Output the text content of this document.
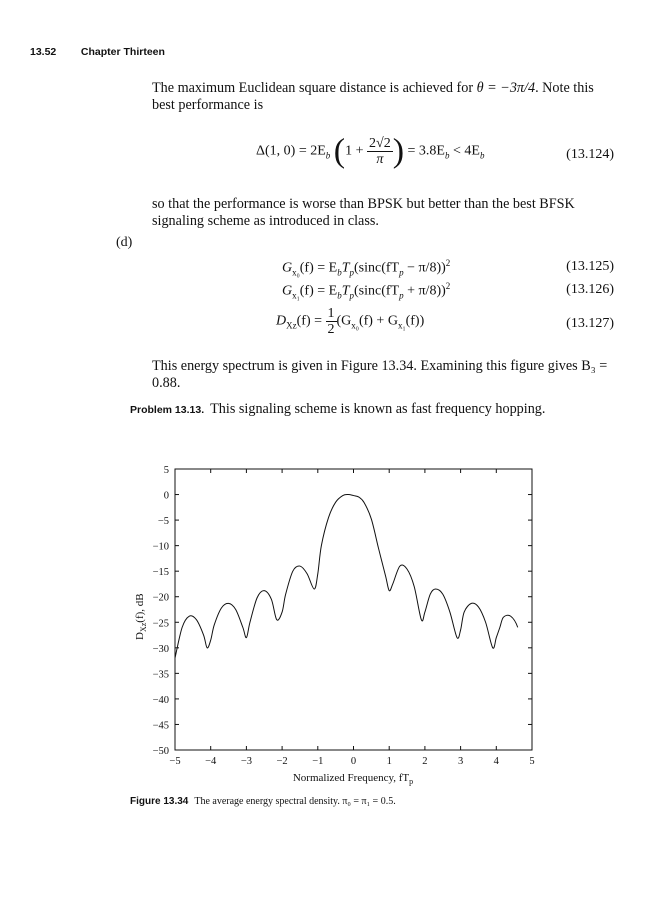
13.52 Chapter Thirteen
The maximum Euclidean square distance is achieved for θ = −3π/4. Note this best performance is
Δ(1, $0) = 2E_b$ ($1 + \frac{2√2}{\pi}$ ) = $3.8E_b < 4E_b$	(13.124)
so that the performance is worse than BPSK but better than the best BFSK signaling scheme as introduced in class.
(d)
$G_{x_0}(f) = E_bT_p(\sin c(fT_p - \pi/8))^2$	(13.125)
$G_{x_1}(f) = E_bT_p(\sin c(fT_p + \pi/8))^2$	(13.126)
$D_{Xz}(f) = \frac{1}{2} (G_{x_0}(f) + G_{x_1}(f))$	(13.127)
This energy spectrum is given in Figure 13.34. Examining this figure gives B₃ = 0.88.
Problem 13.13. This signaling scheme is known as fast frequency hopping.
−5 −4 −3 −2 −1	0	1	2	3	4	5
5
0
−5
−10
−15
−20
−25
−30
−35
−40
−45
−50
Normalized Frequency, $fT_p$
$D_{Xz}(f)$, dB
Figure 13.34 The average energy spectral density. π₀ = π₁ = 0.5.
